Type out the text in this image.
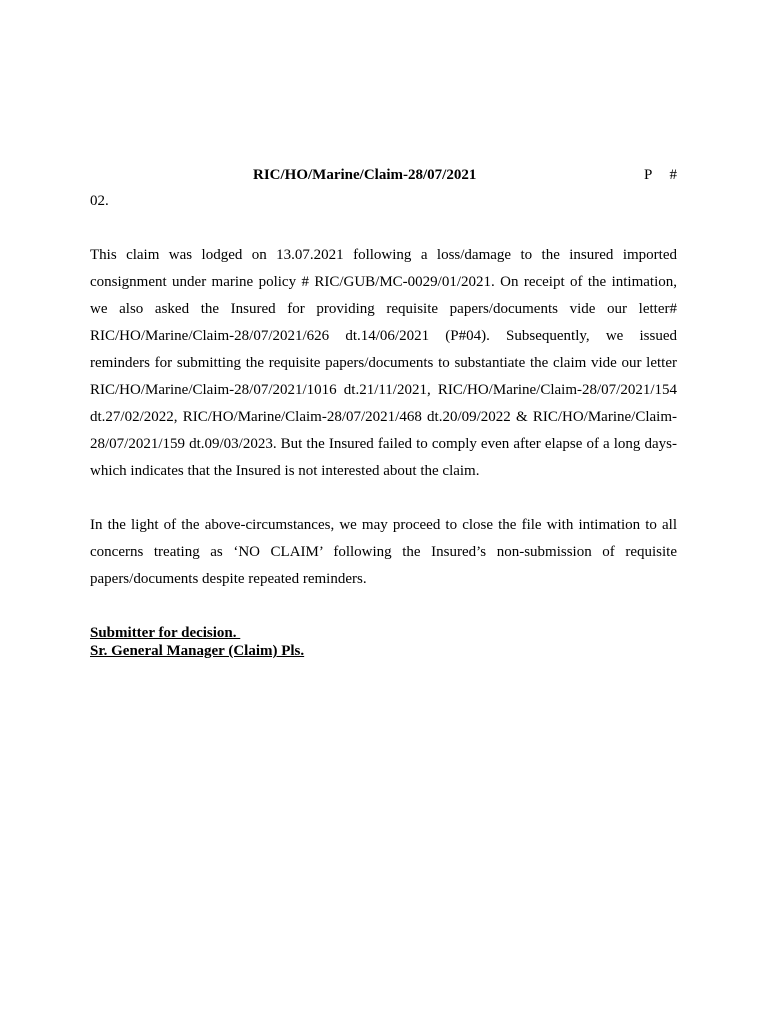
RIC/HO/Marine/Claim-28/07/2021	P #
02.

This claim was lodged on 13.07.2021 following a loss/damage to the insured imported consignment under marine policy # RIC/GUB/MC-0029/01/2021. On receipt of the intimation, we also asked the Insured for providing requisite papers/documents vide our letter# RIC/HO/Marine/Claim-28/07/2021/626 dt.14/06/2021 (P#04). Subsequently, we issued reminders for submitting the requisite papers/documents to substantiate the claim vide our letter RIC/HO/Marine/Claim-28/07/2021/1016 dt.21/11/2021, RIC/HO/Marine/Claim-28/07/2021/154 dt.27/02/2022, RIC/HO/Marine/Claim-28/07/2021/468 dt.20/09/2022 & RIC/HO/Marine/Claim-28/07/2021/159 dt.09/03/2023. But the Insured failed to comply even after elapse of a long days-which indicates that the Insured is not interested about the claim.

In the light of the above-circumstances, we may proceed to close the file with intimation to all concerns treating as ‘NO CLAIM’ following the Insured’s non-submission of requisite papers/documents despite repeated reminders.

Submitter for decision.
Sr. General Manager (Claim) Pls.
